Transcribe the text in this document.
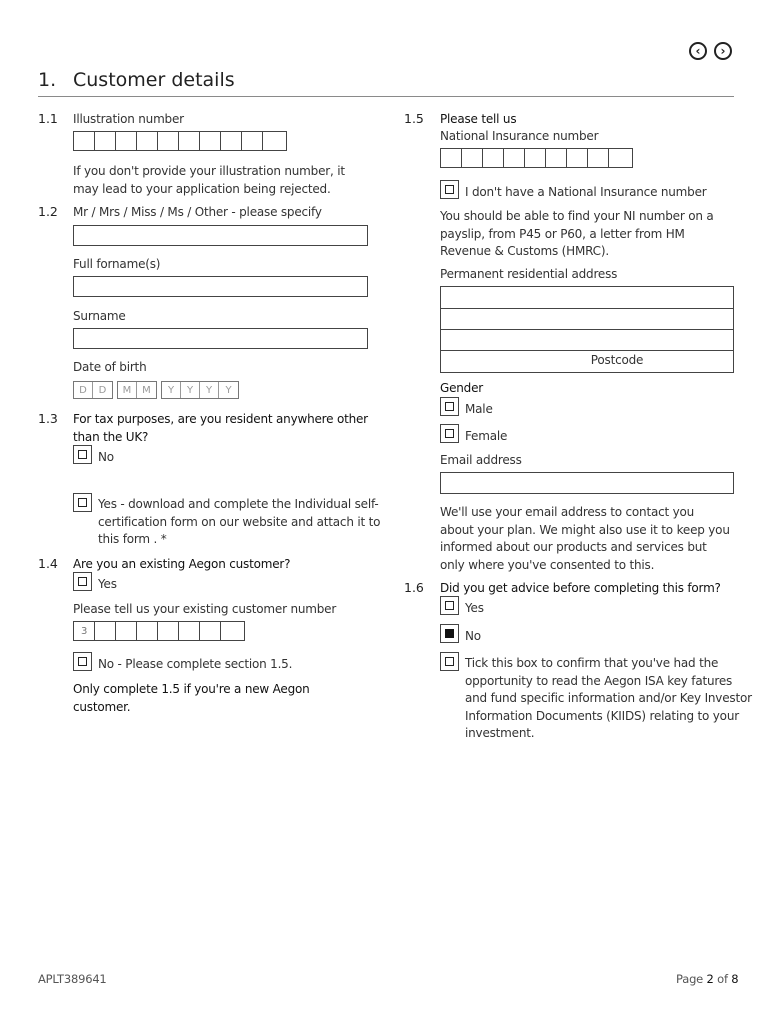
‹	›
1. Customer details
1.1 Illustration number
If you don't provide your illustration number, it may lead to your application being rejected.
1.2 Mr / Mrs / Miss / Ms / Other - please specify
Full forname(s)
Surname
Date of birth
D	D	M	M	Y	Y	Y	Y
1.3 For tax purposes, are you resident anywhere other than the UK?
No
Yes - download and complete the Individual self-certification form on our website and attach it to this form . *
1.4 Are you an existing Aegon customer?
Yes
Please tell us your existing customer number
3
No - Please complete section 1.5.
Only complete 1.5 if you're a new Aegon customer.
1.5 Please tell us
National Insurance number
I don't have a National Insurance number
You should be able to find your NI number on a payslip, from P45 or P60, a letter from HM Revenue & Customs (HMRC).
Permanent residential address
Postcode
Gender
Male
Female
Email address
We'll use your email address to contact you about your plan. We might also use it to keep you informed about our products and services but only where you've consented to this.
1.6 Did you get advice before completing this form?
Yes
No
Tick this box to confirm that you've had the opportunity to read the Aegon ISA key fatures and fund specific information and/or Key Investor Information Documents (KIIDS) relating to your investment.
APLT389641	Page 2 of 8
